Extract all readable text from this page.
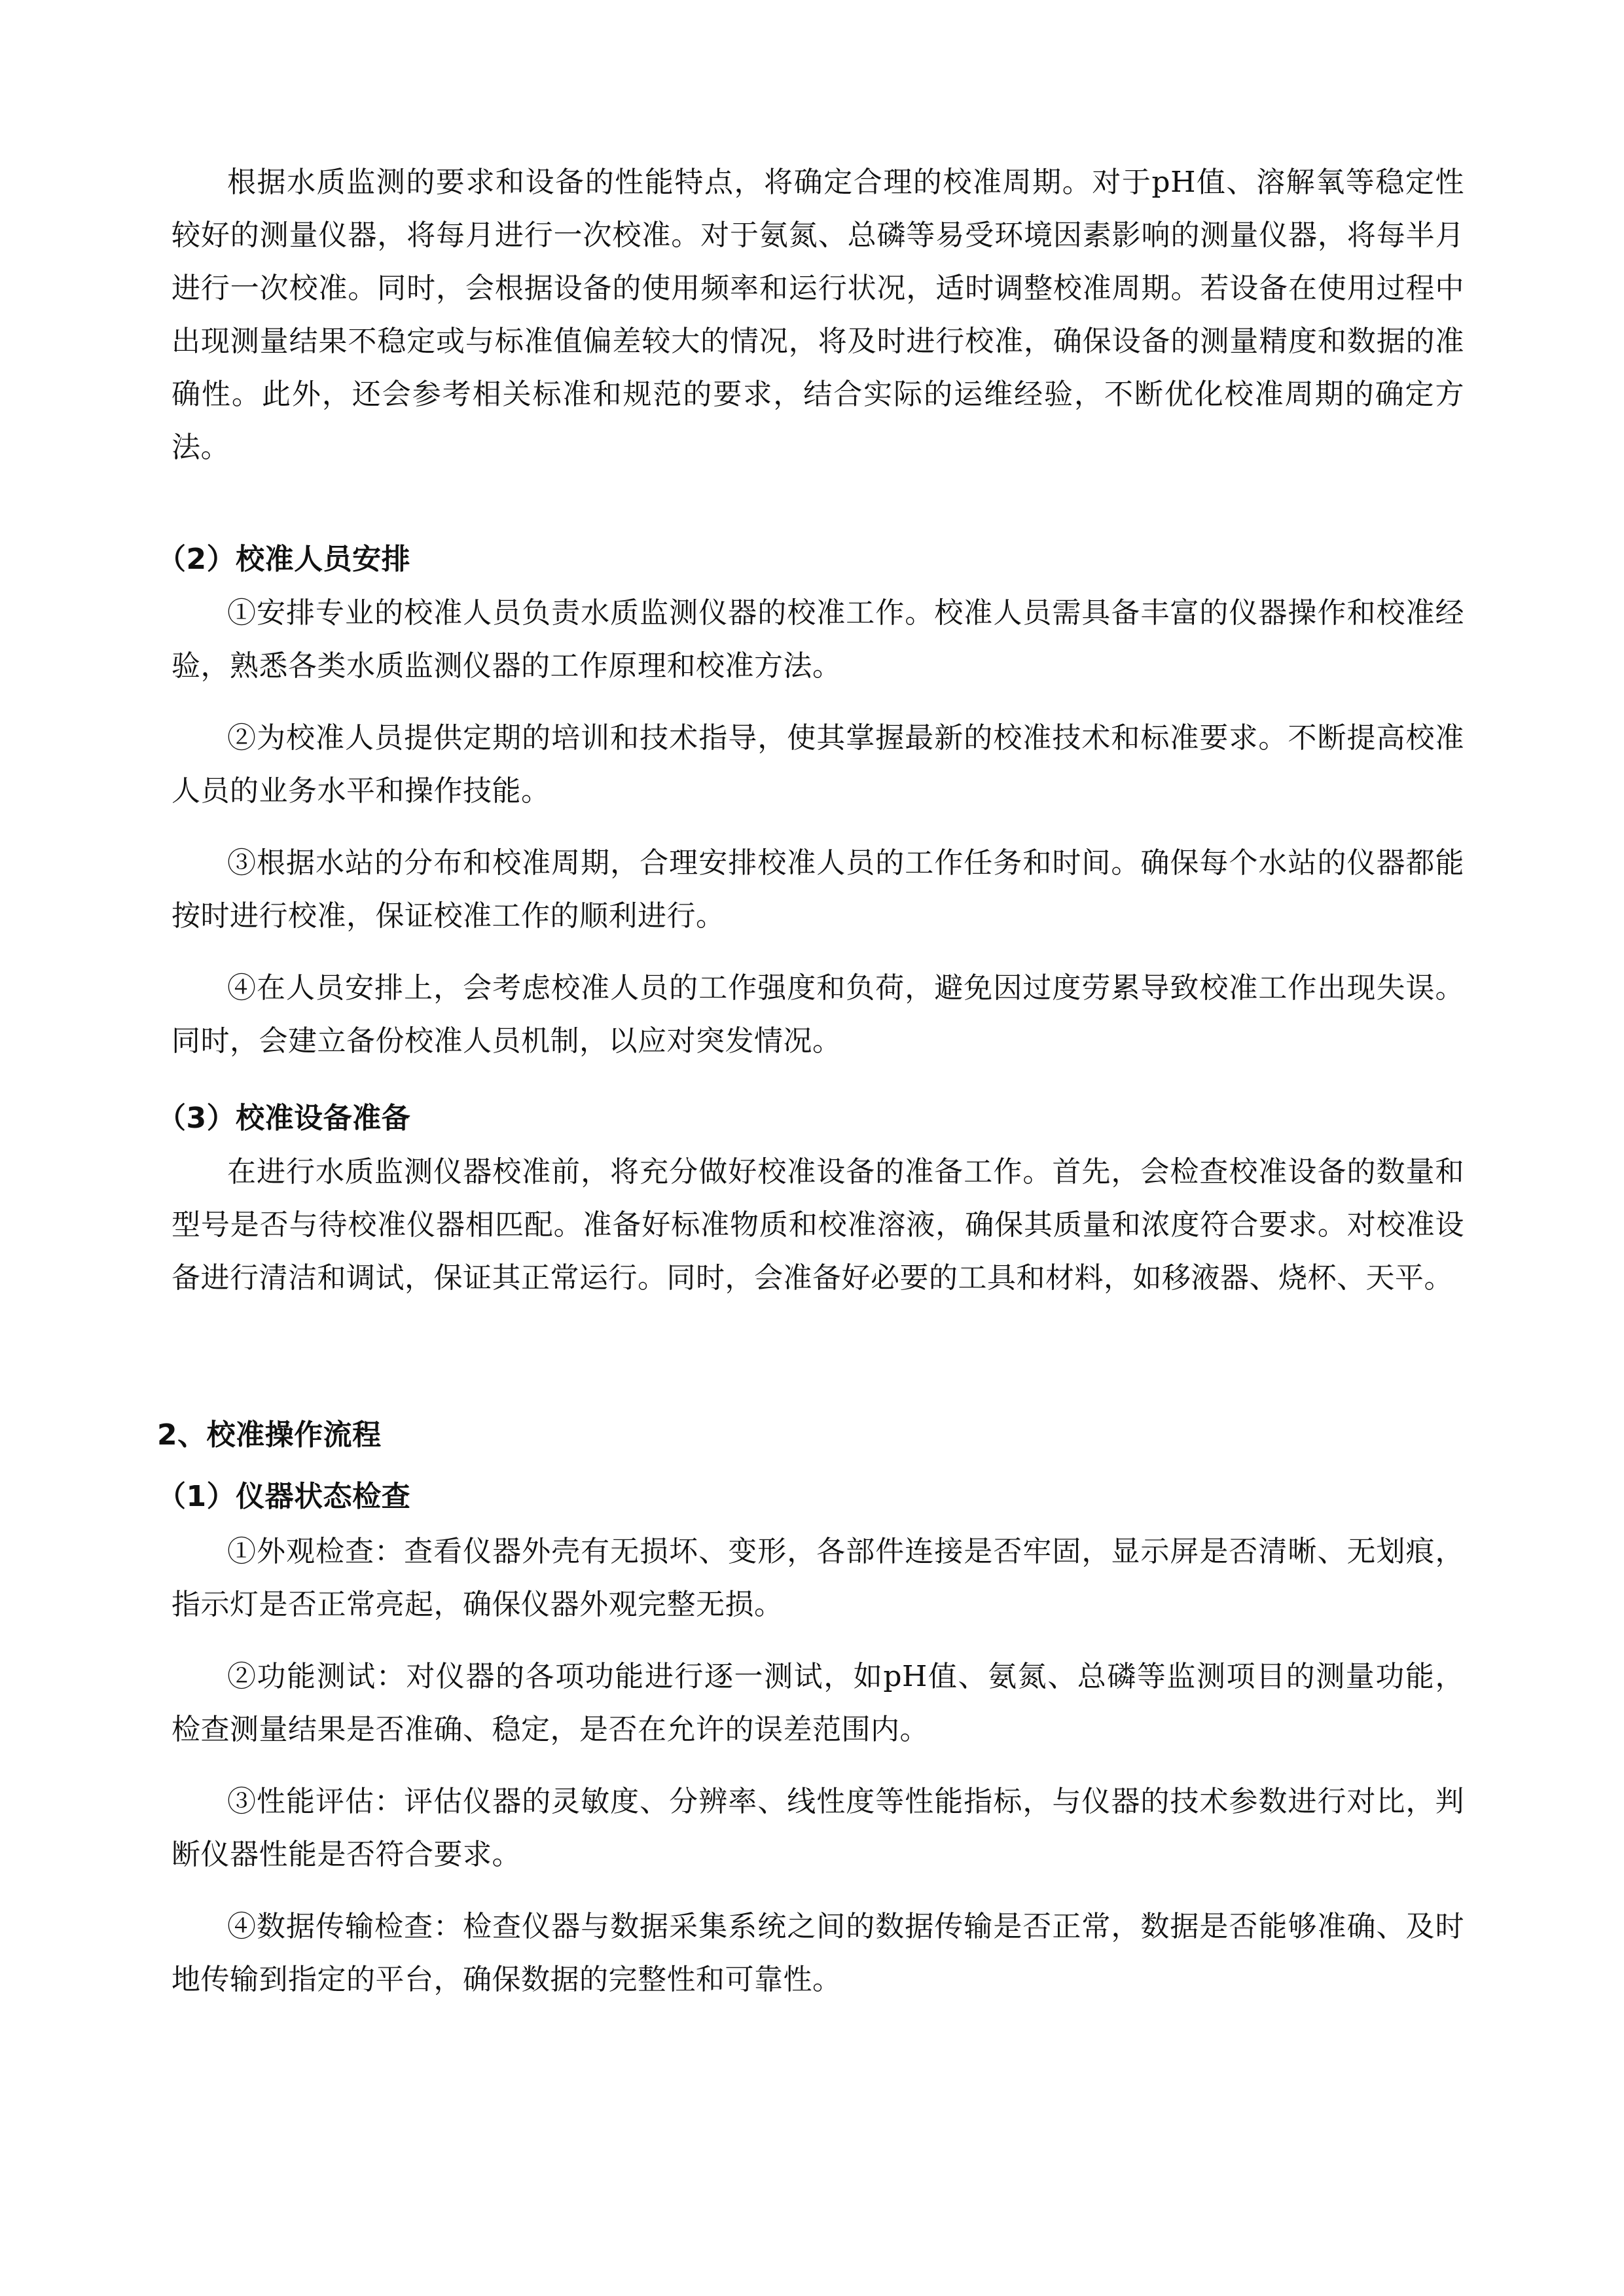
根据水质监测的要求和设备的性能特点，将确定合理的校准周期。对于pH值、溶解氧等稳定性较好的测量仪器，将每月进行一次校准。对于氨氮、总磷等易受环境因素影响的测量仪器，将每半月进行一次校准。同时，会根据设备的使用频率和运行状况，适时调整校准周期。若设备在使用过程中出现测量结果不稳定或与标准值偏差较大的情况，将及时进行校准，确保设备的测量精度和数据的准确性。此外，还会参考相关标准和规范的要求，结合实际的运维经验，不断优化校准周期的确定方法。

（2）校准人员安排

①安排专业的校准人员负责水质监测仪器的校准工作。校准人员需具备丰富的仪器操作和校准经验，熟悉各类水质监测仪器的工作原理和校准方法。

②为校准人员提供定期的培训和技术指导，使其掌握最新的校准技术和标准要求。不断提高校准人员的业务水平和操作技能。

③根据水站的分布和校准周期，合理安排校准人员的工作任务和时间。确保每个水站的仪器都能按时进行校准，保证校准工作的顺利进行。

④在人员安排上，会考虑校准人员的工作强度和负荷，避免因过度劳累导致校准工作出现失误。同时，会建立备份校准人员机制，以应对突发情况。

（3）校准设备准备

在进行水质监测仪器校准前，将充分做好校准设备的准备工作。首先，会检查校准设备的数量和型号是否与待校准仪器相匹配。准备好标准物质和校准溶液，确保其质量和浓度符合要求。对校准设备进行清洁和调试，保证其正常运行。同时，会准备好必要的工具和材料，如移液器、烧杯、天平。

2、校准操作流程
（1）仪器状态检查

①外观检查：查看仪器外壳有无损坏、变形，各部件连接是否牢固，显示屏是否清晰、无划痕，指示灯是否正常亮起，确保仪器外观完整无损。

②功能测试：对仪器的各项功能进行逐一测试，如pH值、氨氮、总磷等监测项目的测量功能，检查测量结果是否准确、稳定，是否在允许的误差范围内。

③性能评估：评估仪器的灵敏度、分辨率、线性度等性能指标，与仪器的技术参数进行对比，判断仪器性能是否符合要求。

④数据传输检查：检查仪器与数据采集系统之间的数据传输是否正常，数据是否能够准确、及时地传输到指定的平台，确保数据的完整性和可靠性。
